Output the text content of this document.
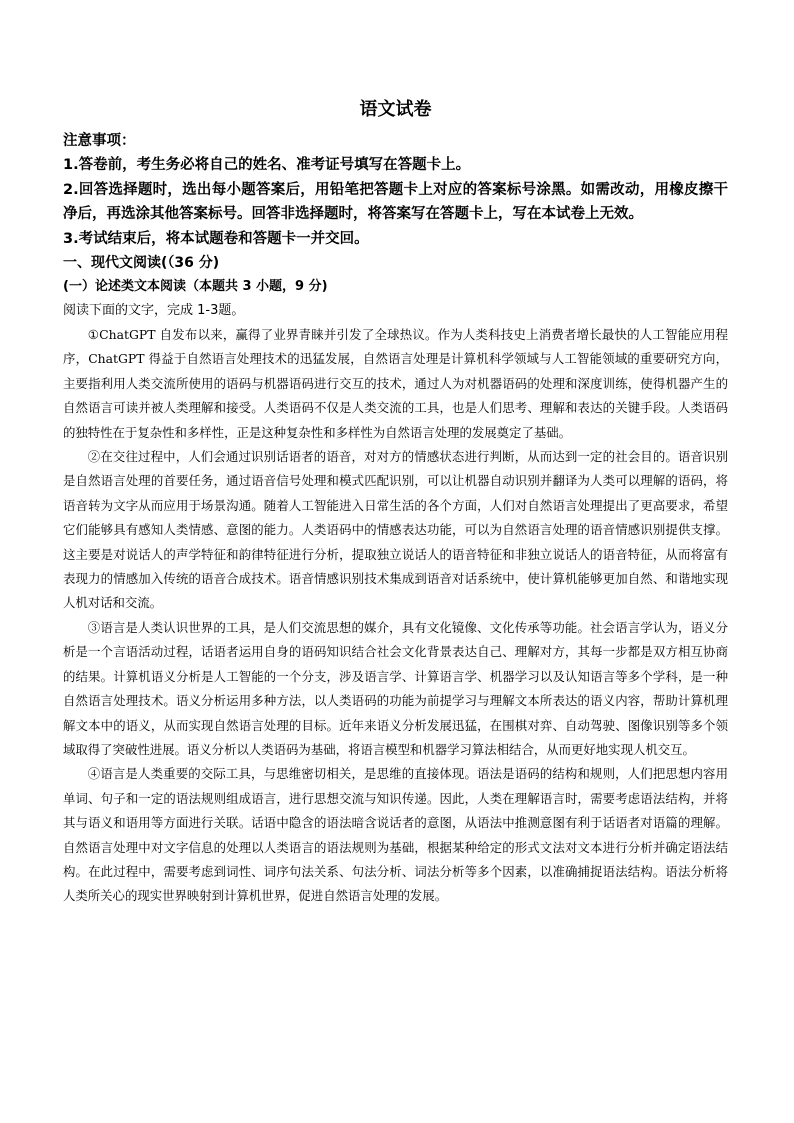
语文试卷
注意事项：
1.答卷前，考生务必将自己的姓名、准考证号填写在答题卡上。
2.回答选择题时，选出每小题答案后，用铅笔把答题卡上对应的答案标号涂黑。如需改动，用橡皮擦干净后，再选涂其他答案标号。回答非选择题时，将答案写在答题卡上，写在本试卷上无效。
3.考试结束后，将本试题卷和答题卡一并交回。
一、现代文阅读(（36 分)
(一）论述类文本阅读（本题共 3 小题，9 分)
阅读下面的文字，完成 1-3题。

①ChatGPT 自发布以来，赢得了业界青睐并引发了全球热议。作为人类科技史上消费者增长最快的人工智能应用程序，ChatGPT 得益于自然语言处理技术的迅猛发展，自然语言处理是计算机科学领域与人工智能领域的重要研究方向，主要指利用人类交流所使用的语码与机器语码进行交互的技术，通过人为对机器语码的处理和深度训练，使得机器产生的自然语言可读并被人类理解和接受。人类语码不仅是人类交流的工具，也是人们思考、理解和表达的关键手段。人类语码的独特性在于复杂性和多样性，正是这种复杂性和多样性为自然语言处理的发展奠定了基础。

②在交往过程中，人们会通过识别话语者的语音，对对方的情感状态进行判断，从而达到一定的社会目的。语音识别是自然语言处理的首要任务，通过语音信号处理和模式匹配识别，可以让机器自动识别并翻译为人类可以理解的语码，将语音转为文字从而应用于场景沟通。随着人工智能进入日常生活的各个方面，人们对自然语言处理提出了更高要求，希望它们能够具有感知人类情感、意图的能力。人类语码中的情感表达功能，可以为自然语言处理的语音情感识别提供支撑。这主要是对说话人的声学特征和韵律特征进行分析，提取独立说话人的语音特征和非独立说话人的语音特征，从而将富有表现力的情感加入传统的语音合成技术。语音情感识别技术集成到语音对话系统中，使计算机能够更加自然、和谐地实现人机对话和交流。

③语言是人类认识世界的工具，是人们交流思想的媒介，具有文化镜像、文化传承等功能。社会语言学认为，语义分析是一个言语活动过程，话语者运用自身的语码知识结合社会文化背景表达自己、理解对方，其每一步都是双方相互协商的结果。计算机语义分析是人工智能的一个分支，涉及语言学、计算语言学、机器学习以及认知语言等多个学科，是一种自然语言处理技术。语义分析运用多种方法，以人类语码的功能为前提学习与理解文本所表达的语义内容，帮助计算机理解文本中的语义，从而实现自然语言处理的目标。近年来语义分析发展迅猛，在围棋对弈、自动驾驶、图像识别等多个领域取得了突破性进展。语义分析以人类语码为基础，将语言模型和机器学习算法相结合，从而更好地实现人机交互。

④语言是人类重要的交际工具，与思维密切相关，是思维的直接体现。语法是语码的结构和规则，人们把思想内容用单词、句子和一定的语法规则组成语言，进行思想交流与知识传递。因此，人类在理解语言时，需要考虑语法结构，并将其与语义和语用等方面进行关联。话语中隐含的语法暗含说话者的意图，从语法中推测意图有利于话语者对语篇的理解。自然语言处理中对文字信息的处理以人类语言的语法规则为基础，根据某种给定的形式文法对文本进行分析并确定语法结构。在此过程中，需要考虑到词性、词序句法关系、句法分析、词法分析等多个因素，以准确捕捉语法结构。语法分析将人类所关心的现实世界映射到计算机世界，促进自然语言处理的发展。
